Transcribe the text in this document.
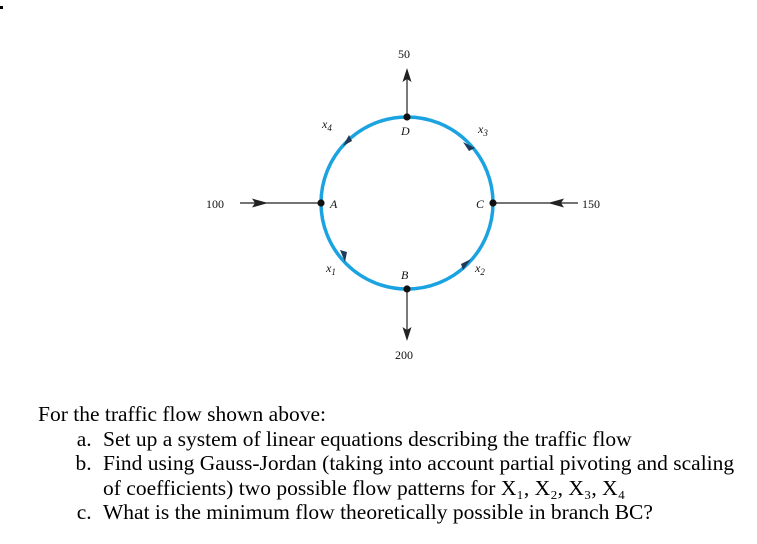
A
B
C
D
100
50
150
200
$x_4$	$x_3$
$x_1$	$x_2$

For the traffic flow shown above:

a. Set up a system of linear equations describing the traffic flow
b. Find using Gauss-Jordan (taking into account partial pivoting and scaling of coefficients) two possible flow patterns for X₁, X₂, X₃, X₄
c. What is the minimum flow theoretically possible in branch BC?
